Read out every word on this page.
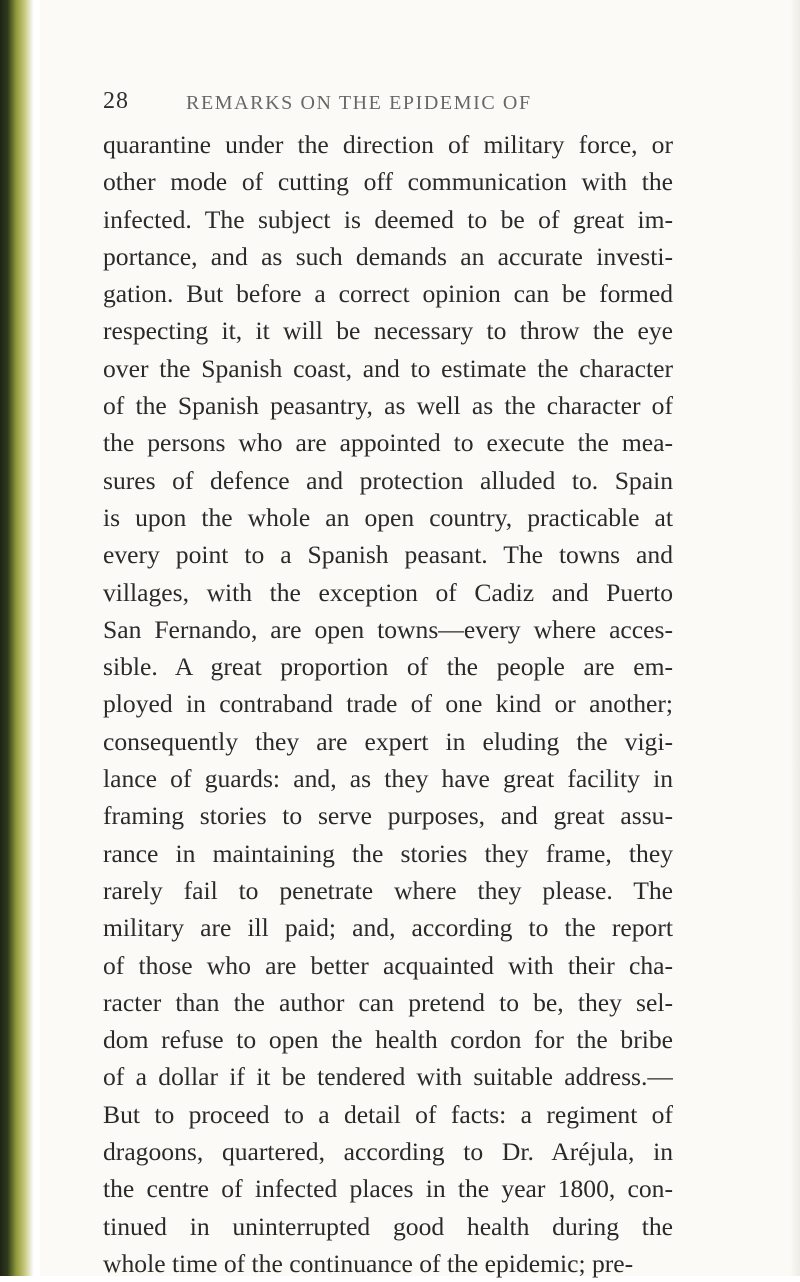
28	REMARKS ON THE EPIDEMIC OF
quarantine under the direction of military force, or
other mode of cutting off communication with the
infected. The subject is deemed to be of great im-
portance, and as such demands an accurate investi-
gation. But before a correct opinion can be formed
respecting it, it will be necessary to throw the eye
over the Spanish coast, and to estimate the character
of the Spanish peasantry, as well as the character of
the persons who are appointed to execute the mea-
sures of defence and protection alluded to. Spain
is upon the whole an open country, practicable at
every point to a Spanish peasant. The towns and
villages, with the exception of Cadiz and Puerto
San Fernando, are open towns—every where acces-
sible. A great proportion of the people are em-
ployed in contraband trade of one kind or another;
consequently they are expert in eluding the vigi-
lance of guards: and, as they have great facility in
framing stories to serve purposes, and great assu-
rance in maintaining the stories they frame, they
rarely fail to penetrate where they please. The
military are ill paid; and, according to the report
of those who are better acquainted with their cha-
racter than the author can pretend to be, they sel-
dom refuse to open the health cordon for the bribe
of a dollar if it be tendered with suitable address.—
But to proceed to a detail of facts: a regiment of
dragoons, quartered, according to Dr. Aréjula, in
the centre of infected places in the year 1800, con-
tinued in uninterrupted good health during the
whole time of the continuance of the epidemic; pre-
